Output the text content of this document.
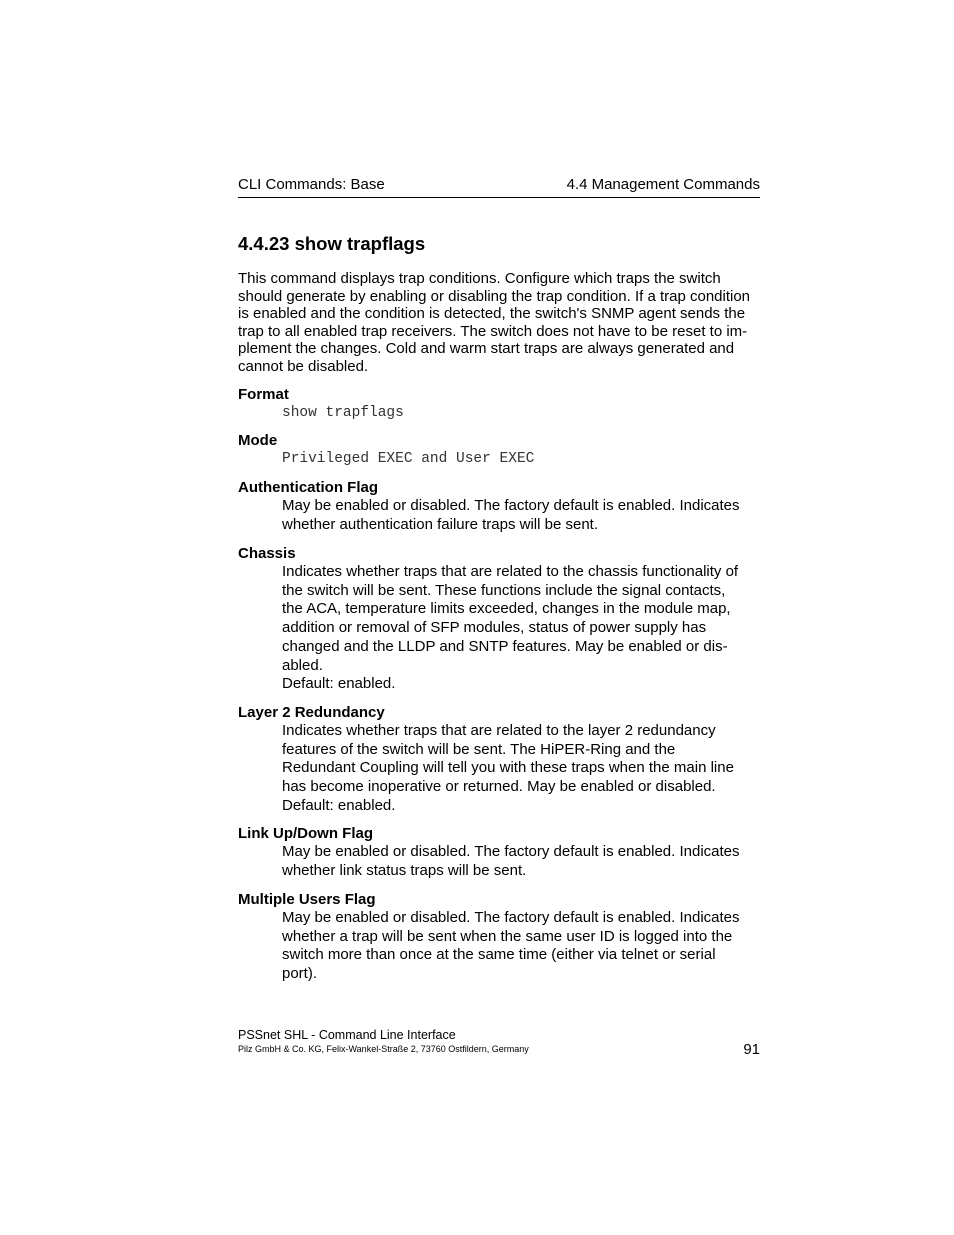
CLI Commands: Base	4.4 Management Commands
4.4.23 show trapflags

This command displays trap conditions. Configure which traps the switch
should generate by enabling or disabling the trap condition. If a trap condition
is enabled and the condition is detected, the switch's SNMP agent sends the
trap to all enabled trap receivers. The switch does not have to be reset to im-
plement the changes. Cold and warm start traps are always generated and
cannot be disabled.

Format

show trapflags

Mode

Privileged EXEC and User EXEC

Authentication Flag

May be enabled or disabled. The factory default is enabled. Indicates
whether authentication failure traps will be sent.

Chassis

Indicates whether traps that are related to the chassis functionality of
the switch will be sent. These functions include the signal contacts,
the ACA, temperature limits exceeded, changes in the module map,
addition or removal of SFP modules, status of power supply has
changed and the LLDP and SNTP features. May be enabled or dis-
abled.
Default: enabled.

Layer 2 Redundancy

Indicates whether traps that are related to the layer 2 redundancy
features of the switch will be sent. The HiPER-Ring and the
Redundant Coupling will tell you with these traps when the main line
has become inoperative or returned. May be enabled or disabled.
Default: enabled.

Link Up/Down Flag

May be enabled or disabled. The factory default is enabled. Indicates
whether link status traps will be sent.

Multiple Users Flag

May be enabled or disabled. The factory default is enabled. Indicates
whether a trap will be sent when the same user ID is logged into the
switch more than once at the same time (either via telnet or serial
port).

PSSnet SHL - Command Line Interface
Pilz GmbH & Co. KG, Felix-Wankel-Straße 2, 73760 Ostfildern, Germany	91
